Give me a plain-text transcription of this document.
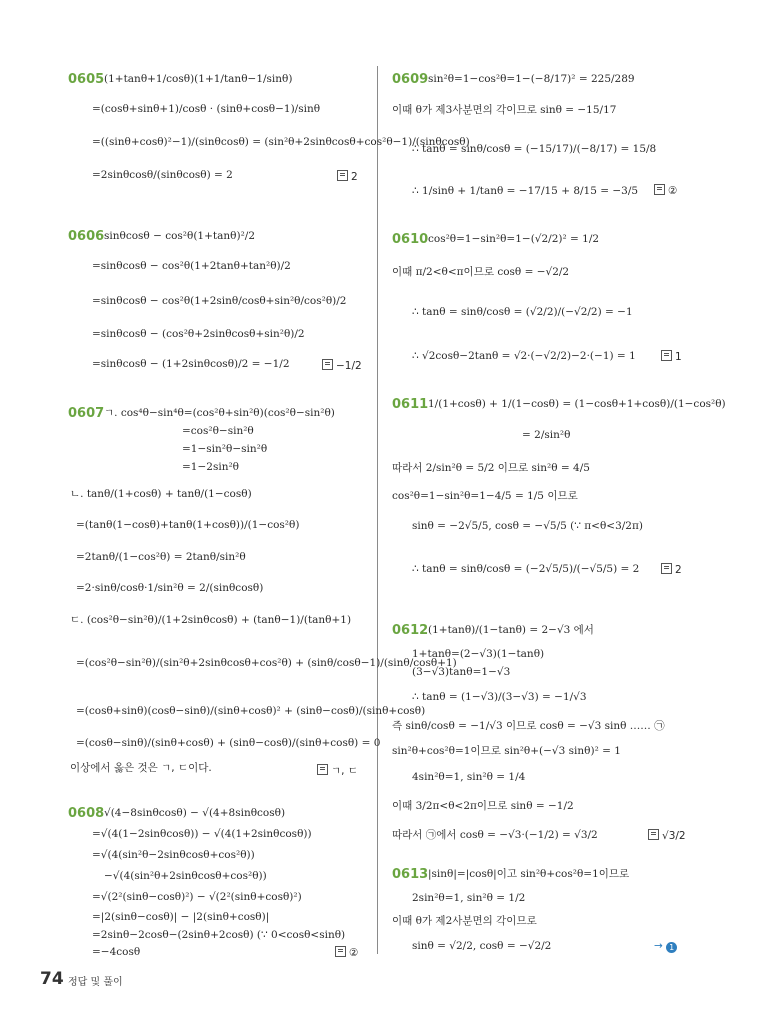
0605 (1+tanθ+1/cosθ)(1+1/tanθ−1/sinθ)
=(cosθ+sinθ+1)/cosθ · (sinθ+cosθ−1)/sinθ
=((sinθ+cosθ)²−1)/(sinθcosθ) = (sin²θ+2sinθcosθ+cos²θ−1)/(sinθcosθ)
=2sinθcosθ/(sinθcosθ) = 2	2
0606 sinθcosθ − cos²θ(1+tanθ)²/2
=sinθcosθ − cos²θ(1+2tanθ+tan²θ)/2
=sinθcosθ − cos²θ(1+2sinθ/cosθ+sin²θ/cos²θ)/2
=sinθcosθ − (cos²θ+2sinθcosθ+sin²θ)/2
=sinθcosθ − (1+2sinθcosθ)/2 = −1/2	−1/2
0607 ㄱ. cos⁴θ−sin⁴θ=(cos²θ+sin²θ)(cos²θ−sin²θ)
=cos²θ−sin²θ
=1−sin²θ−sin²θ
=1−2sin²θ
ㄴ. tanθ/(1+cosθ) + tanθ/(1−cosθ)
=(tanθ(1−cosθ)+tanθ(1+cosθ))/(1−cos²θ)
=2tanθ/(1−cos²θ) = 2tanθ/sin²θ
=2·sinθ/cosθ·1/sin²θ = 2/(sinθcosθ)
ㄷ. (cos²θ−sin²θ)/(1+2sinθcosθ) + (tanθ−1)/(tanθ+1)
=(cos²θ−sin²θ)/(sin²θ+2sinθcosθ+cos²θ) + (sinθ/cosθ−1)/(sinθ/cosθ+1)
=(cosθ+sinθ)(cosθ−sinθ)/(sinθ+cosθ)² + (sinθ−cosθ)/(sinθ+cosθ)
=(cosθ−sinθ)/(sinθ+cosθ) + (sinθ−cosθ)/(sinθ+cosθ) = 0
이상에서 옳은 것은 ㄱ, ㄷ이다.	ㄱ, ㄷ
0608 √(4−8sinθcosθ) − √(4+8sinθcosθ)
=√(4(1−2sinθcosθ)) − √(4(1+2sinθcosθ))
=√(4(sin²θ−2sinθcosθ+cos²θ))
−√(4(sin²θ+2sinθcosθ+cos²θ))
=√(2²(sinθ−cosθ)²) − √(2²(sinθ+cosθ)²)
=|2(sinθ−cosθ)| − |2(sinθ+cosθ)|
=2sinθ−2cosθ−(2sinθ+2cosθ) (∵ 0<cosθ<sinθ)
=−4cosθ	②
0609 sin²θ=1−cos²θ=1−(−8/17)² = 225/289
이때 θ가 제3사분면의 각이므로 sinθ = −15/17
∴ tanθ = sinθ/cosθ = (−15/17)/(−8/17) = 15/8
∴ 1/sinθ + 1/tanθ = −17/15 + 8/15 = −3/5	②
0610 cos²θ=1−sin²θ=1−(√2/2)² = 1/2
이때 π/2<θ<π이므로 cosθ = −√2/2
∴ tanθ = sinθ/cosθ = (√2/2)/(−√2/2) = −1
∴ √2cosθ−2tanθ = √2·(−√2/2)−2·(−1) = 1	1
0611 1/(1+cosθ) + 1/(1−cosθ) = (1−cosθ+1+cosθ)/(1−cos²θ)
= 2/sin²θ
따라서 2/sin²θ = 5/2 이므로 sin²θ = 4/5
cos²θ=1−sin²θ=1−4/5 = 1/5 이므로
sinθ = −2√5/5, cosθ = −√5/5 (∵ π<θ<3/2π)
∴ tanθ = sinθ/cosθ = (−2√5/5)/(−√5/5) = 2	2
0612 (1+tanθ)/(1−tanθ) = 2−√3 에서
1+tanθ=(2−√3)(1−tanθ)
(3−√3)tanθ=1−√3
∴ tanθ = (1−√3)/(3−√3) = −1/√3
즉 sinθ/cosθ = −1/√3 이므로 cosθ = −√3 sinθ …… ㉠
sin²θ+cos²θ=1이므로 sin²θ+(−√3 sinθ)² = 1
4sin²θ=1, sin²θ = 1/4
이때 3/2π<θ<2π이므로 sinθ = −1/2
따라서 ㉠에서 cosθ = −√3·(−1/2) = √3/2	√3/2
0613 |sinθ|=|cosθ|이고 sin²θ+cos²θ=1이므로
2sin²θ=1, sin²θ = 1/2
이때 θ가 제2사분면의 각이므로
sinθ = √2/2, cosθ = −√2/2	→ 1
74 정답 및 풀이
